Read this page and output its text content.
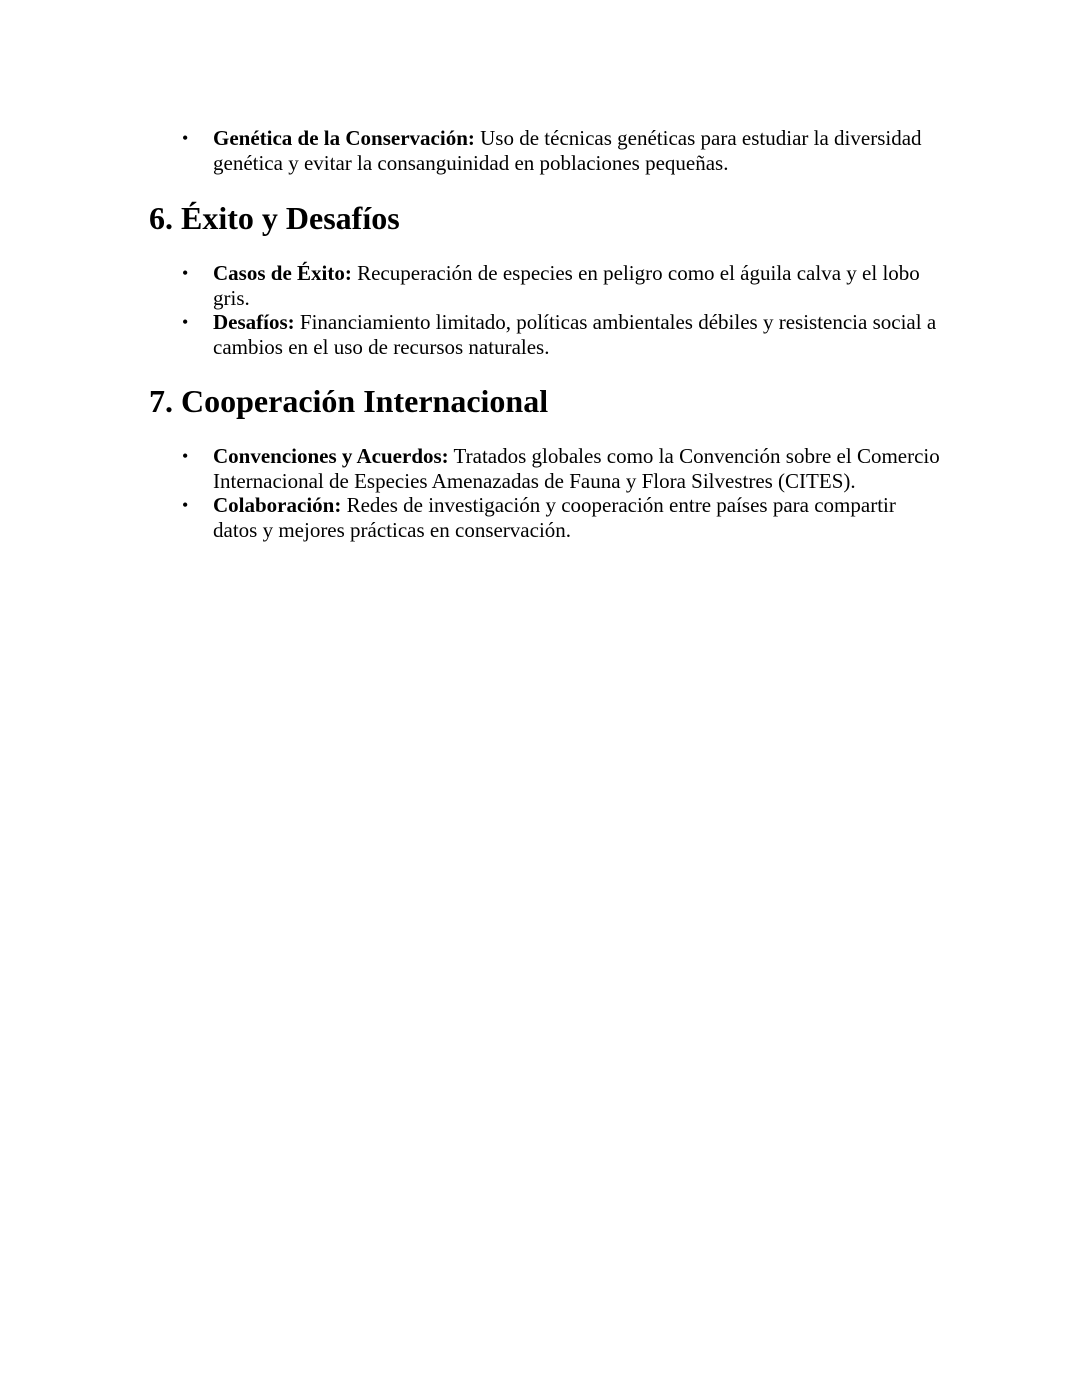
• Genética de la Conservación: Uso de técnicas genéticas para estudiar la diversidad genética y evitar la consanguinidad en poblaciones pequeñas.
6. Éxito y Desafíos
• Casos de Éxito: Recuperación de especies en peligro como el águila calva y el lobo gris.
• Desafíos: Financiamiento limitado, políticas ambientales débiles y resistencia social a cambios en el uso de recursos naturales.
7. Cooperación Internacional
• Convenciones y Acuerdos: Tratados globales como la Convención sobre el Comercio Internacional de Especies Amenazadas de Fauna y Flora Silvestres (CITES).
• Colaboración: Redes de investigación y cooperación entre países para compartir datos y mejores prácticas en conservación.
